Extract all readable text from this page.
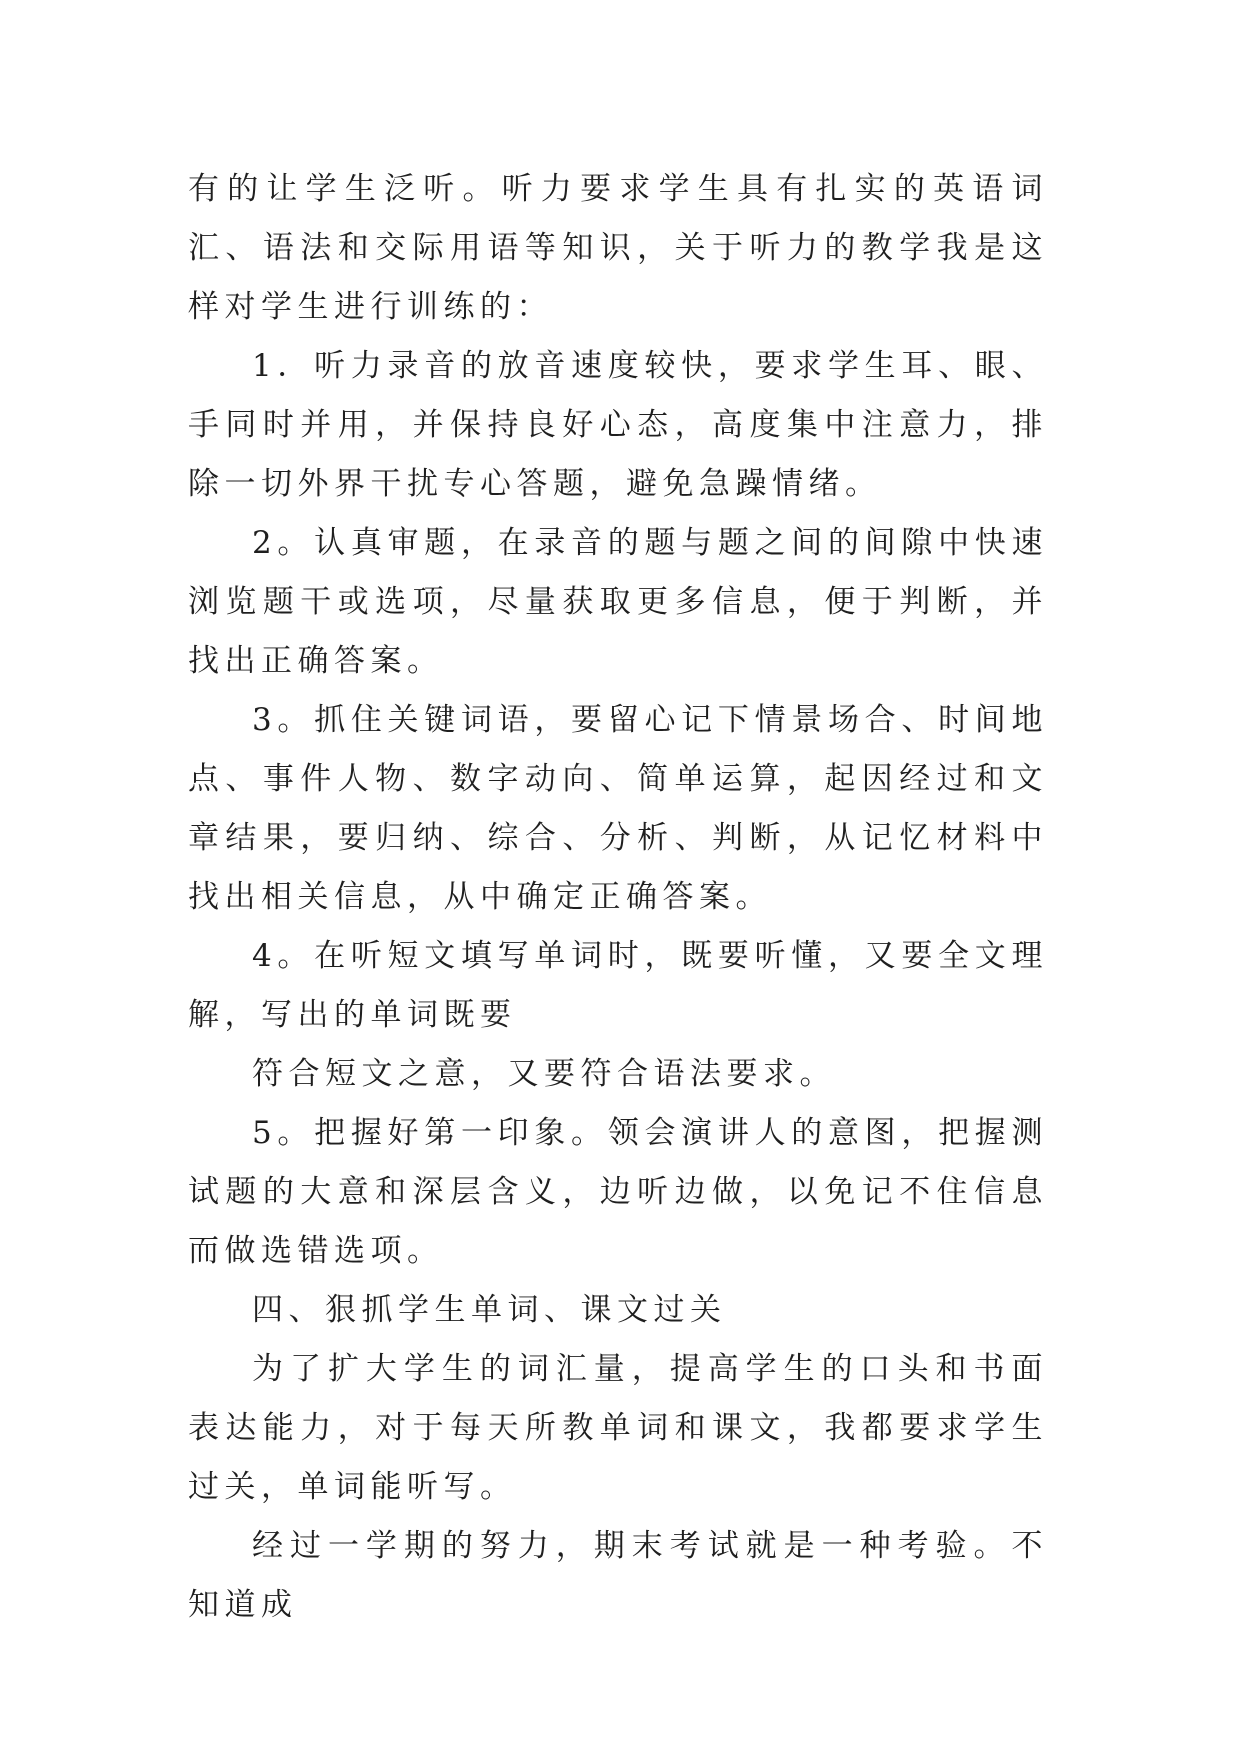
有的让学生泛听。听力要求学生具有扎实的英语词汇、语法和交际用语等知识，关于听力的教学我是这样对学生进行训练的：

1．听力录音的放音速度较快，要求学生耳、眼、手同时并用，并保持良好心态，高度集中注意力，排除一切外界干扰专心答题，避免急躁情绪。

2。认真审题，在录音的题与题之间的间隙中快速浏览题干或选项，尽量获取更多信息，便于判断，并找出正确答案。

3。抓住关键词语，要留心记下情景场合、时间地点、事件人物、数字动向、简单运算，起因经过和文章结果，要归纳、综合、分析、判断，从记忆材料中找出相关信息，从中确定正确答案。

4。在听短文填写单词时，既要听懂，又要全文理解，写出的单词既要

符合短文之意，又要符合语法要求。

5。把握好第一印象。领会演讲人的意图，把握测试题的大意和深层含义，边听边做，以免记不住信息而做选错选项。

四、狠抓学生单词、课文过关

为了扩大学生的词汇量，提高学生的口头和书面表达能力，对于每天所教单词和课文，我都要求学生过关，单词能听写。

经过一学期的努力，期末考试就是一种考验。不知道成
